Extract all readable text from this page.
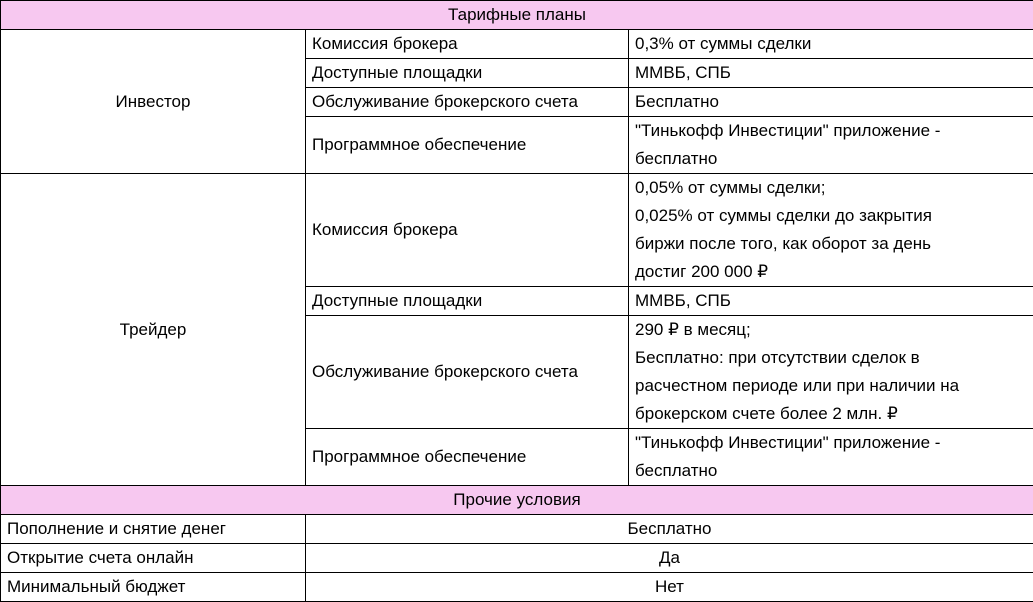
Тарифные планы		
Инвестор	Комиссия брокера	0,3% от суммы сделки

	Доступные площадки	ММВБ, СПБ

	Обслуживание брокерского счета	Бесплатно

	Программное обеспечение	"Тинькофф Инвестиции" приложение -
бесплатно

Трейдер	Комиссия брокера	0,05% от суммы сделки;
0,025% от суммы сделки до закрытия
биржи после того, как оборот за день
достиг 200 000 ₽

	Доступные площадки	ММВБ, СПБ

	Обслуживание брокерского счета	290 ₽ в месяц;
Бесплатно: при отсутствии сделок в
расчестном периоде или при наличии на
брокерском счете более 2 млн. ₽

	Программное обеспечение	"Тинькофф Инвестиции" приложение -
бесплатно

Прочие условия		
Пополнение и снятие денег	Бесплатно	
Открытие счета онлайн	Да	
Минимальный бюджет	Нет	
